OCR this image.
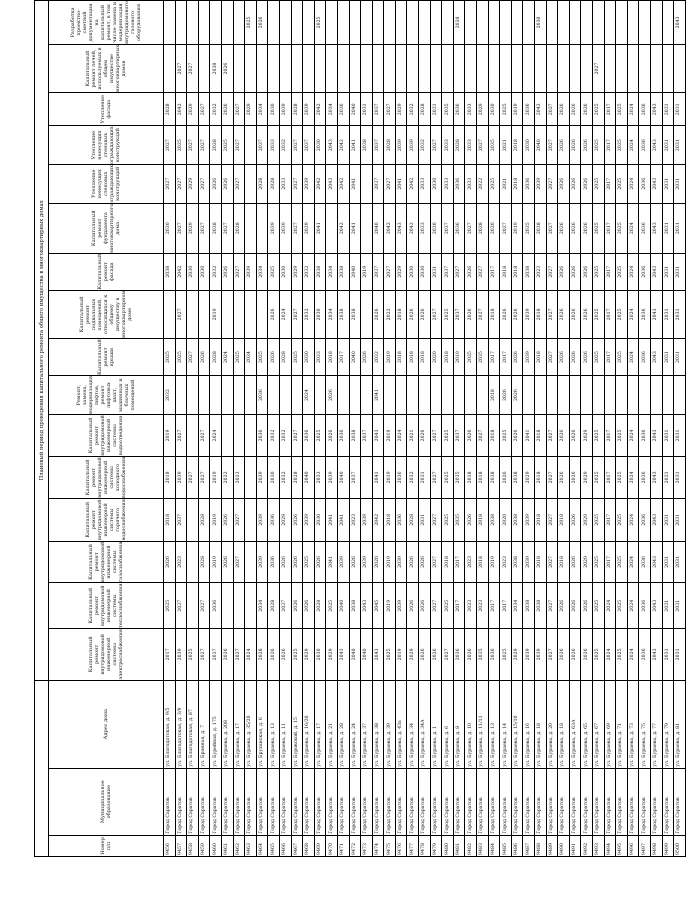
			Плановый период проведения капитального ремонта общего имущества в многоквартирных домах															
Номер п/п	Муниципальное образование	Адрес дома	Капитальный ремонт внутридомовой инженерной системы электроснабжения	Капитальный ремонт внутридомовой инженерной системы теплоснабжения	Капитальный ремонт внутридомовой инженерной системы газоснабжения	Капитальный ремонт внутридомовой инженерной системы горячего водоснабжения	Капитальный ремонт внутридомовой инженерной системы холодного водоснабжения	Капитальный ремонт внутридомовой инженерной системы водоотведения	Ремонт, замена, модернизация лифтов, ремонт лифтовых шахт, машинных и блочных помещений	Капитальный ремонт крыши	Капитальный ремонт подвальных помещений, относящихся к общему имуществу в многоквартирном доме	Капитальный ремонт фасада	Капитальный ремонт фундамента многоквартирного дома	Утепление ненесущих стеновых ограждающих конструкций	Утепление ненесущих стеновых ограждающих конструкций	Утепление фасада	Капитальный ремонт печей, используемых в общем имуществе многоквартирных домов	Разработка проектно-сметной документации на капитальный ремонт, в том числе замена и модернизация внутридомового газового оборудования
9456	Город Саратов	ул. Благодатская, д. 9/5	2017	2025	2026	2018	2018	2019	2032	2025		2038	2030	2027	2027	2028		
9457	Город Саратов	ул. Благодатская, д. 3/9	2039	2037	2023	2037	2039	2027		2025	2027	2042	2027	2027	2025	2042	2027	
9458	Город Саратов	ул. Благодатская, д. 87	2025				2027			2027		2030	2029	2029	2027	2029	2027	
9459	Город Саратов	ул. Бронная, д. 7	2027	2027	2028	2028	2027	2027		2026		2030	2027	2027	2027	2027		
9460	Город Саратов	ул. Бурейная, д. 175	2037	2036	2019	2019	2019	2024		2028	2019	2032	2038	2026	2028	2032	2038	
9461	Город Саратов	ул. Бураева, д. 208	2026		2026	2026	2022			2024		2026	2027	2026	2025	2026	2026	
9462	Город Саратов	ул. Бураева, д. 17	2027		2027	2027	2023			2025		2027	2028	2027	2027	2027		
9463	Город Саратов	ул. Бураева, д. 35/20	2024							2034		2039				2029		2025
9464	Город Саратов	ул. Бруханская, д. 6	2028	2034	2039	2039	2039	2036	2036	2025		2034		2028	2037	2034		2026
9465	Город Саратов	ул. Бураева, д. 13	2026	2028	2036	2036	2030	2032		2026	2026	2025	2039	2028	2033	2030		
9466	Город Саратов	ул. Бураева, д. 11	2026	2037	2026	2029	2032	2032		2028	2024	2030	2039	2033	2032	2039		
9467	Город Саратов	ул. Буровской, д. 15	2025	2026	2026	2026	2028	2027		2025	2027	2029	2027	2027	2027	2028		
9468	Город Саратов	ул. Бураева, д. 16/20	2029	2026	2025	2039	2040	2036	2024	2030	2032	2032	2039	2039	2037	2039		
9469	Город Саратов	ул. Бураева, д. 17	2030	2028	2026	2030	2033	2025		2033	2030	2038	2041	2042	2030	2042		2025
9470	Город Саратов	ул. Бураева, д. 21	2029	2025	2041	2041	2039	2026	2026	2018	2034	2034		2043	2043	2034		
9471	Город Саратов	ул. Бураева, д. 28	2041	2040	2039	2041	2040	2036		2017	2038	2038	2042	2042	2042	2036		
9472	Город Саратов	ул. Бураева, д. 24	2040	2038	2026	2023	2037	2038		2040	2038	2040	2041	2041	2041	2040		
9473	Город Саратов	ул. Бураева, д. 37	2040	2043	2039	2039		2037		2026		2019			2038	2031		
9474	Город Саратов	ул. Бураева, д. 38	2043	2045	2020	2042	2041	2043	2041	2032	2026	2037	2040	2037	2037	2037		
9475	Город Саратов	ул. Бураева, д. 39	2025	2019	2019	2018	2019	2019		2019	2022	2027	2042	2027	2028	2027		
9476	Город Саратов	ул. Бураева, д. 43а	2019	2039	2039	2036	2036	2024		2018	2018	2029	2043	2041	2039	2029		
9477	Город Саратов	ул. Бураева, д. 34	2029	2026	2026	2028	2032	2021		2018	2026	2030	2042	2042	2039	2032		
9478	Город Саратов	ул. Бураева, д. 34А	2026	2026	2026	2031	2031	2026		2018	2026	2030	2033	2033	2032	2028		
9479	Город Саратов	ул. Бураева, д. 1	2026	2027	2027	2027	2027	2027		2020	2027	2031	2030	2030	2027	2031		
9480	Город Саратов	ул. Бураева, д. 6	2027	2025	2018	2025	2025	2025		2018	2025	2037	2037	2033	2033	2035		
9481	Город Саратов	ул. Бураева, д. 8	2036	2017	2017	2035	2035	2037		2019	2037	2027	2036	2036	2028	2036		2028
9482	Город Саратов	ул. Бураева, д. 10	2026	2023	2023	2026	2018	2026		2035	2026	2026	2027	2033	2033	2033		
9483	Город Саратов	ул. Бураева, д. 11/11	2035	2023	2018	2018	2018	2027		2035	2027	2027	2028	2022	2027	2029		
9484	Город Саратов	ул. Бураева, д. 13	2036	2017	2019	2038	2038	2018	2018	2017	2018	2017	2020	2025	2035	2030		
9485	Город Саратов	ул. Бураева, д. 14	2025	2017	2023	2020	2026	2025	2026	2017	2026	2018	2027	2021	2021	2025		
9486	Город Саратов	ул. Бураева, д. 15/10	2029	2034	2038	2038	2038	2026	2026	2026	2026	2018	2019	2018	2018	2019		
9487	Город Саратов	ул. Бураева, д. 16	2039	2038	2039	2039	2029	2041		2039	2039	2038	2035	2036	2030	2036		
9488	Город Саратов	ул. Бураева, д. 18	2039	2038	2018	2018	2018	2018		2018	2018	2023	2038	2039	2040	2043		2030
9489	Город Саратов	ул. Бураева, д. 20	2027	2027	2027	2027	2027	2027		2027	2027	2027	2027	2027	2027	2027		
9490	Город Саратов	ул. Бураева, д. 18	2026	2026	2018	2018	2026	2026		2026	2026	2026	2026	2026	2026	2026		
9491	Город Саратов	ул. Бураева, д. 63А	2026	2026	2026	2026	2026	2026		2026	2026	2026	2026	2026	2026	2026		
9492	Город Саратов	ул. Бураева, д. 65	2026	2026	2029	2029	2029	2029		2026	2026	2026	2026	2026	2026	2026		
9493	Город Саратов	ул. Бураева, д. 67	2025	2025	2025	2025	2025	2025		2025	2025	2025	2025	2025	2025	2025	2027	
9494	Город Саратов	ул. Бураева, д. 69	2024	2024	2017	2017	2017	2017		2017	2017	2017	2017	2017	2017	2017		
9495	Город Саратов	ул. Бураева, д. 71	2025	2025	2025	2025	2025	2025		2025	2025	2025	2025	2025	2025	2025		
9496	Город Саратов	ул. Бураева, д. 73	2024	2024	2024	2024	2024	2024		2024	2024	2024	2024	2024	2024	2024		
9497	Город Саратов	ул. Бураева, д. 75	2036	2036	2036	2036	2036	2036		2036	2036	2036	2036	2036	2036	2036		
9498	Город Саратов	ул. Бураева, д. 77	2043	2043	2043	2043	2043	2043		2043	2043	2043	2043	2043	2043	2043		
9499	Город Саратов	ул. Бураева, д. 79	2031	2031	2031	2031	2031	2031		2031	2031	2031	2031	2031	2031	2031		
9500	Город Саратов	ул. Бураева, д. 81	2031	2031	2031	2031	2031	2031		2031	2031	2031	2031	2031	2031	2031		2043
